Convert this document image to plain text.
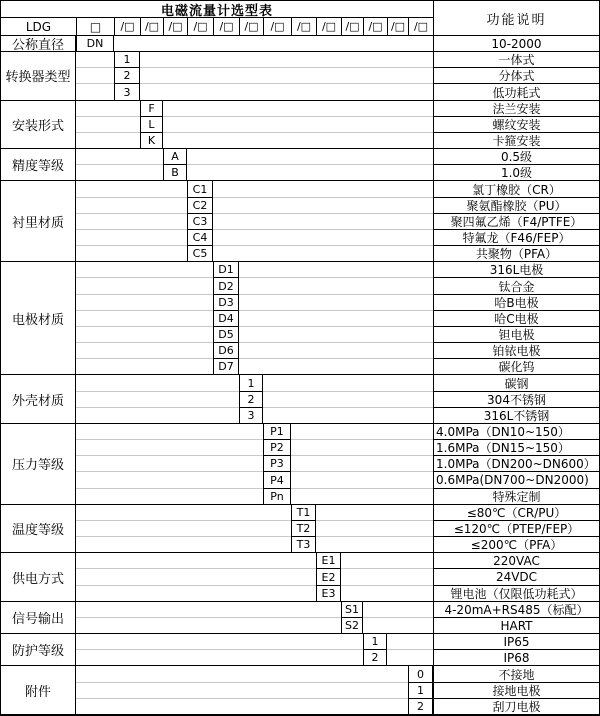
电磁流量计选型表
功能说明
LDG	□	/□ /□ /□ /□	/□ /□	/□	/□ /□ /□ /□ /□ /□
公称直径	DN	10-2000
转换器类型
1	一体式
2	分体式
3	低功耗式
安装形式
F	法兰安装
L	螺纹安装
K	卡箍安装
精度等级
A	0.5级
B	1.0级
衬里材质
C1	氯丁橡胶（CR）
C2	聚氨酯橡胶（PU）
C3	聚四氟乙烯（F4/PTFE）
C4	特氟龙（F46/FEP）
C5	共聚物（PFA）
电极材质
D1	316L电极
D2	钛合金
D3	哈B电极
D4	哈C电极
D5	钽电极
D6	铂铱电极
D7	碳化钨
外壳材质
1	碳钢
2	304不锈钢
3	316L不锈钢
压力等级
P1	4.0MPa（DN10~150）
P2	1.6MPa（DN15~150）
P3	1.0MPa（DN200~DN600）
P4	0.6MPa(DN700~DN2000)
Pn	特殊定制
温度等级
T1	≤80℃（CR/PU）
T2	≤120℃（PTEP/FEP）
T3	≤200℃（PFA）
供电方式
E1	220VAC
E2	24VDC
E3	锂电池（仅限低功耗式）
信号输出
S1	4-20mA+RS485（标配）
S2	HART
防护等级
1	IP65
2	IP68
附件
0	不接地
1	接地电极
2	刮刀电极
